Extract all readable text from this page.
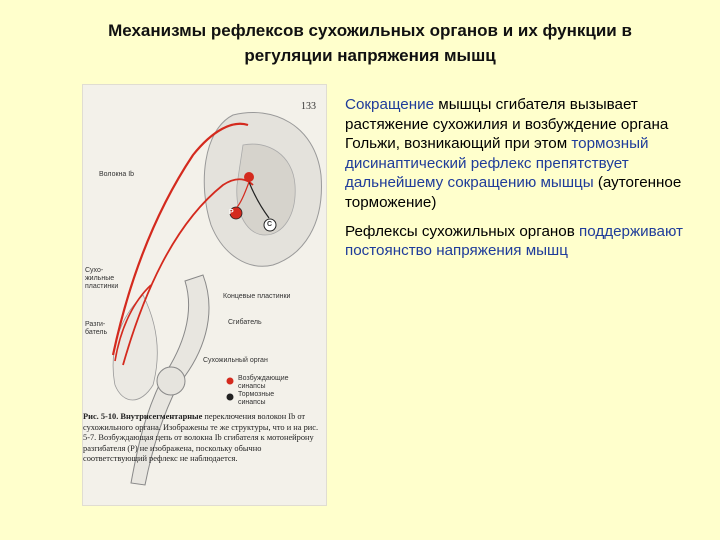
Механизмы рефлексов сухожильных органов и их функции в
регуляции напряжения мышц
133
Волокна Ib
Сухо-
жильные
пластинки
Концевые пластинки
Разги-
батель
Сгибатель
Сухожильный орган
Возбуждающие
синапсы
Тормозные
синапсы
P
C
Рис. 5-10. Внутрисегментарные переключения волокон Ib от сухожильного органа. Изображены те же структуры, что и на рис. 5-7. Возбуждающая цепь от волокна Ib сгибателя к мотонейрону разгибателя (P) не изображена, поскольку обычно соответствующий рефлекс не наблюдается.

Сокращение мышцы сгибателя вызывает растяжение сухожилия и возбуждение органа Гольжи, возникающий при этом тормозный дисинаптический рефлекс препятствует дальнейшему сокращению мышцы (аутогенное торможение)

Рефлексы сухожильных органов поддерживают постоянство напряжения мышц
